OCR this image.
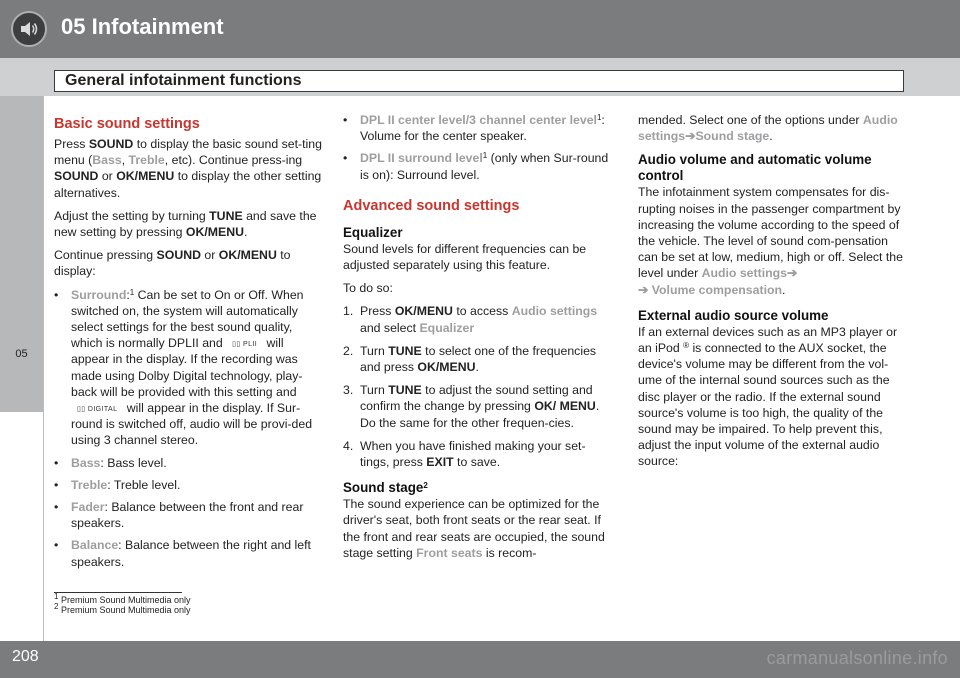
05 Infotainment
General infotainment functions
05
Basic sound settings

Press SOUND to display the basic sound set-ting menu (Bass, Treble, etc). Continue press-ing SOUND or OK/MENU to display the other setting alternatives.

Adjust the setting by turning TUNE and save the new setting by pressing OK/MENU.

Continue pressing SOUND or OK/MENU to display:

• Surround:$^1$ Can be set to On or Off. When switched on, the system will automatically select settings for the best sound quality, which is normally DPLII and ▯▯ PLII will appear in the display. If the recording was made using Dolby Digital technology, play-back will be provided with this setting and ▯▯ DIGITAL will appear in the display. If Sur-round is switched off, audio will be provi-ded using 3 channel stereo.
• Bass: Bass level.
• Treble: Treble level.
• Fader: Balance between the front and rear speakers.
• Balance: Balance between the right and left speakers.
• DPL II center level/3 channel center level$^1$: Volume for the center speaker.
• DPL II surround level$^1$ (only when Sur-round is on): Surround level.
Advanced sound settings
Equalizer

Sound levels for different frequencies can be adjusted separately using this feature.

To do so:

1. Press OK/MENU to access Audio settings and select Equalizer
2. Turn TUNE to select one of the frequencies and press OK/MENU.
3. Turn TUNE to adjust the sound setting and confirm the change by pressing OK/ MENU. Do the same for the other frequen-cies.
4. When you have finished making your set-tings, press EXIT to save.
Sound stage$^2$

The sound experience can be optimized for the driver's seat, both front seats or the rear seat. If the front and rear seats are occupied, the sound stage setting Front seats is recom-

mended. Select one of the options under Audio settings➔Sound stage.

Audio volume and automatic volume control

The infotainment system compensates for dis-rupting noises in the passenger compartment by increasing the volume according to the speed of the vehicle. The level of sound com-pensation can be set at low, medium, high or off. Select the level under Audio settings➔
➔ Volume compensation.

External audio source volume

If an external devices such as an MP3 player or an iPod ® is connected to the AUX socket, the device's volume may be different from the vol-ume of the internal sound sources such as the disc player or the radio. If the external sound source's volume is too high, the quality of the sound may be impaired. To help prevent this, adjust the input volume of the external audio source:

$^1$ Premium Sound Multimedia only
$^2$ Premium Sound Multimedia only
208	carmanualsonline.info
